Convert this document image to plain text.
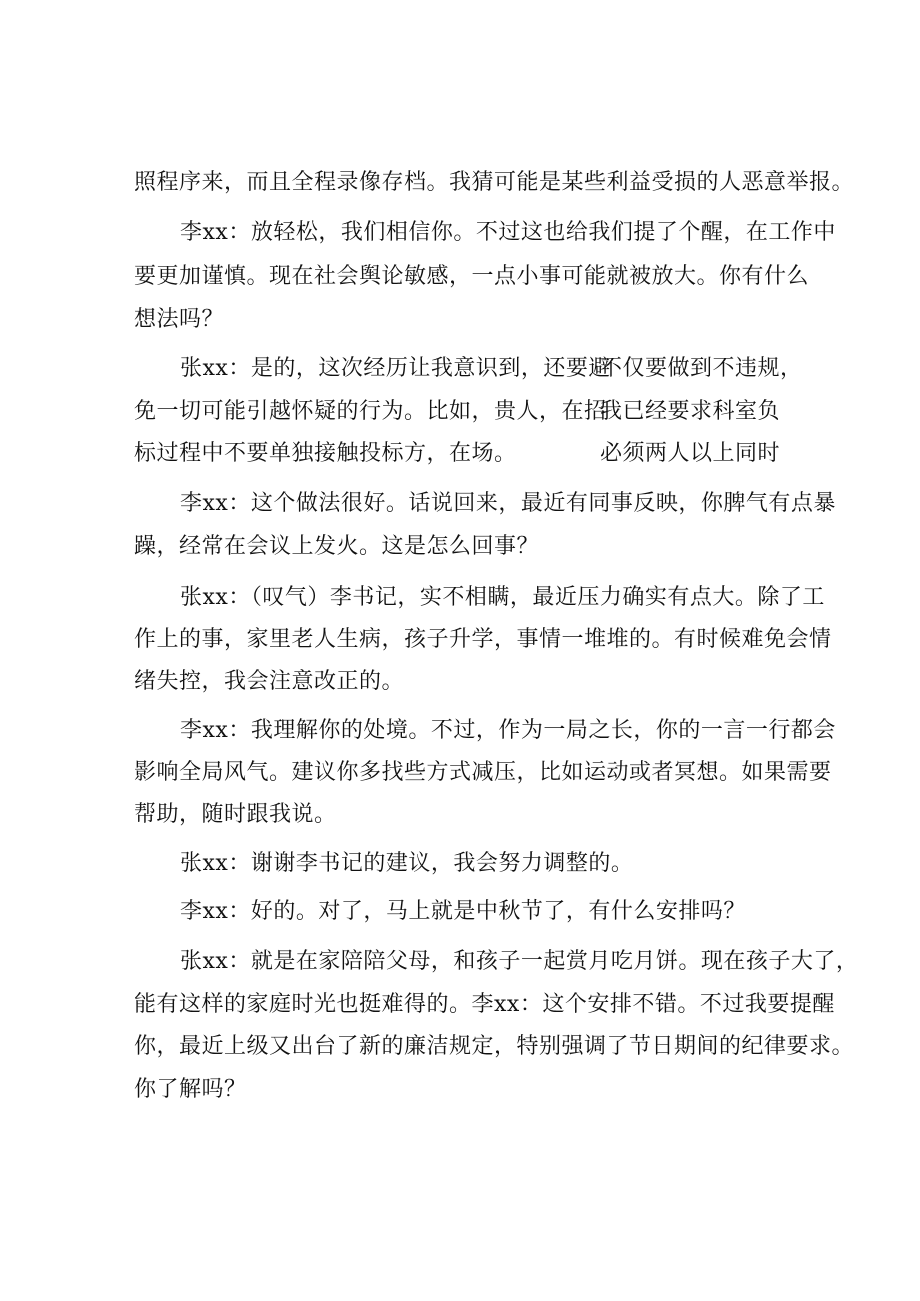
照程序来，而且全程录像存档。我猜可能是某些利益受损的人恶意举报。
李xx：放轻松，我们相信你。不过这也给我们提了个醒，在工作中
要更加谨慎。现在社会舆论敏感，一点小事可能就被放大。你有什么
想法吗？
张xx：是的，这次经历让我意识到，还要避
不仅要做到不违规，
免一切可能引越怀疑的行为。比如，贵人，在招
我已经要求科室负
标过程中不要单独接触投标方，在场。	必须两人以上同时
李xx：这个做法很好。话说回来，最近有同事反映，你脾气有点暴
躁，经常在会议上发火。这是怎么回事？
张xx：（叹气）李书记，实不相瞒，最近压力确实有点大。除了工
作上的事，家里老人生病，孩子升学，事情一堆堆的。有时候难免会情
绪失控，我会注意改正的。
李xx：我理解你的处境。不过，作为一局之长，你的一言一行都会
影响全局风气。建议你多找些方式减压，比如运动或者冥想。如果需要
帮助，随时跟我说。
张xx：谢谢李书记的建议，我会努力调整的。
李xx：好的。对了，马上就是中秋节了，有什么安排吗？
张xx：就是在家陪陪父母，和孩子一起赏月吃月饼。现在孩子大了，
能有这样的家庭时光也挺难得的。李xx：这个安排不错。不过我要提醒
你，最近上级又出台了新的廉洁规定，特别强调了节日期间的纪律要求。
你了解吗？
